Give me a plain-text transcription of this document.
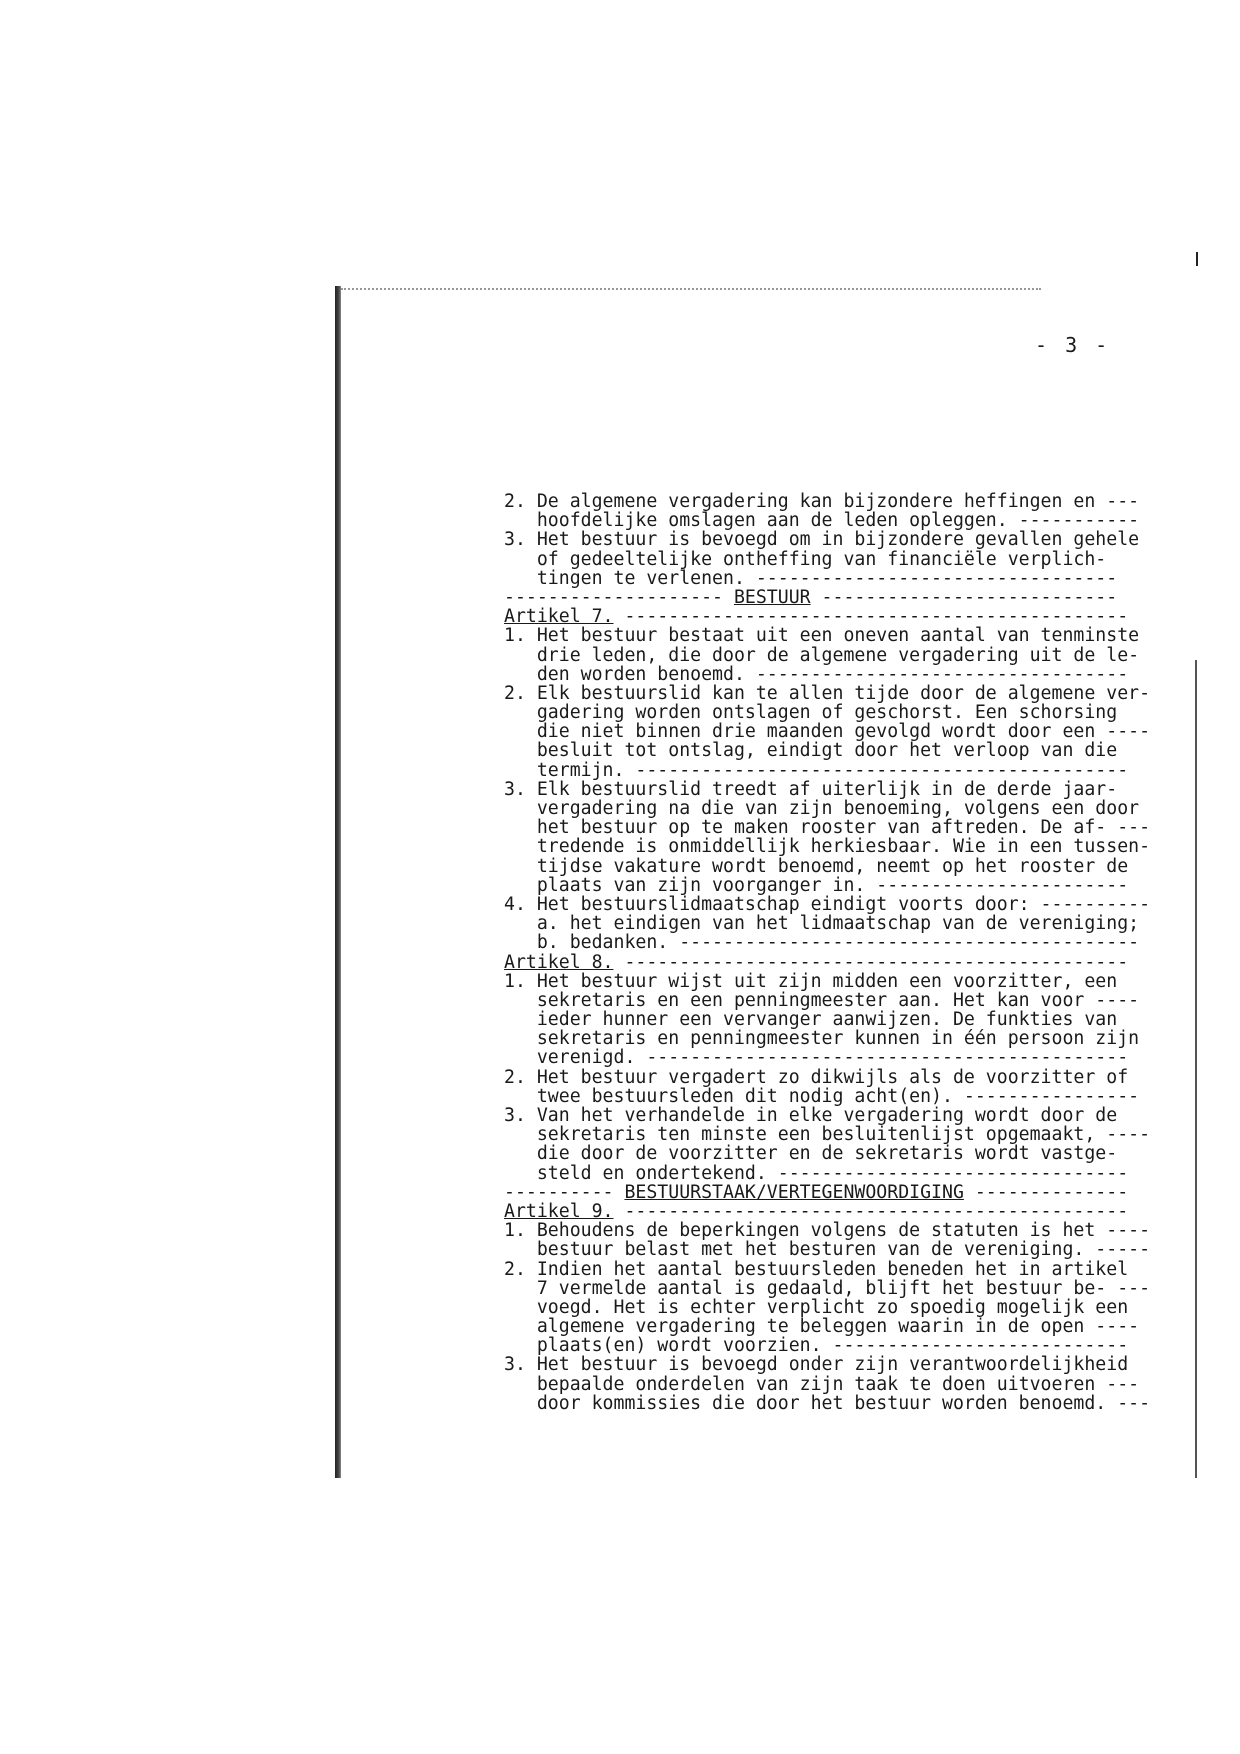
- 3 -
2. De algemene vergadering kan bijzondere heffingen en ---
hoofdelijke omslagen aan de leden opleggen. -----------
3. Het bestuur is bevoegd om in bijzondere gevallen gehele
of gedeeltelijke ontheffing van financiële verplich-
tingen te verlenen. ---------------------------------
-------------------- BESTUUR ---------------------------
Artikel 7. ----------------------------------------------
1. Het bestuur bestaat uit een oneven aantal van tenminste
drie leden, die door de algemene vergadering uit de le-
den worden benoemd. ----------------------------------
2. Elk bestuurslid kan te allen tijde door de algemene ver-
gadering worden ontslagen of geschorst. Een schorsing
die niet binnen drie maanden gevolgd wordt door een ----
besluit tot ontslag, eindigt door het verloop van die
termijn. ---------------------------------------------
3. Elk bestuurslid treedt af uiterlijk in de derde jaar-
vergadering na die van zijn benoeming, volgens een door
het bestuur op te maken rooster van aftreden. De af- ---
tredende is onmiddellijk herkiesbaar. Wie in een tussen-
tijdse vakature wordt benoemd, neemt op het rooster de
plaats van zijn voorganger in. -----------------------
4. Het bestuurslidmaatschap eindigt voorts door: ----------
a. het eindigen van het lidmaatschap van de vereniging;
b. bedanken. ------------------------------------------
Artikel 8. ----------------------------------------------
1. Het bestuur wijst uit zijn midden een voorzitter, een
sekretaris en een penningmeester aan. Het kan voor ----
ieder hunner een vervanger aanwijzen. De funkties van
sekretaris en penningmeester kunnen in één persoon zijn
verenigd. --------------------------------------------
2. Het bestuur vergadert zo dikwijls als de voorzitter of
twee bestuursleden dit nodig acht(en). ----------------
3. Van het verhandelde in elke vergadering wordt door de
sekretaris ten minste een besluitenlijst opgemaakt, ----
die door de voorzitter en de sekretaris wordt vastge-
steld en ondertekend. --------------------------------
---------- BESTUURSTAAK/VERTEGENWOORDIGING --------------
Artikel 9. ----------------------------------------------
1. Behoudens de beperkingen volgens de statuten is het ----
bestuur belast met het besturen van de vereniging. -----
2. Indien het aantal bestuursleden beneden het in artikel
7 vermelde aantal is gedaald, blijft het bestuur be- ---
voegd. Het is echter verplicht zo spoedig mogelijk een
algemene vergadering te beleggen waarin in de open ----
plaats(en) wordt voorzien. ---------------------------
3. Het bestuur is bevoegd onder zijn verantwoordelijkheid
bepaalde onderdelen van zijn taak te doen uitvoeren ---
door kommissies die door het bestuur worden benoemd. ---
